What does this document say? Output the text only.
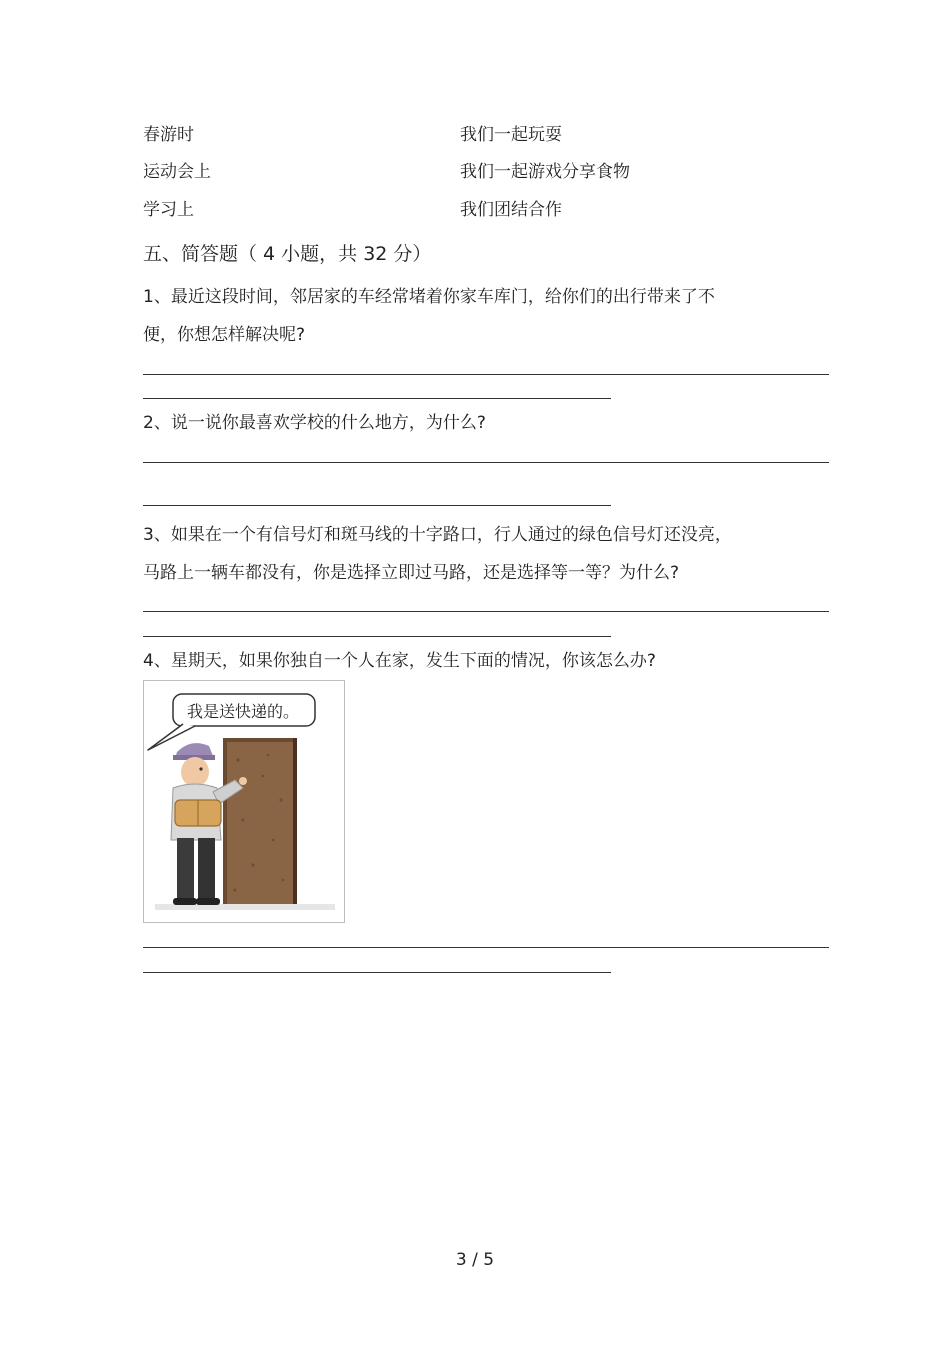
春游时	我们一起玩耍
运动会上	我们一起游戏分享食物
学习上	我们团结合作
五、简答题（ 4 小题，共 32 分）
1、最近这段时间，邻居家的车经常堵着你家车库门，给你们的出行带来了不
便，你想怎样解决呢?
2、说一说你最喜欢学校的什么地方，为什么?
3、如果在一个有信号灯和斑马线的十字路口，行人通过的绿色信号灯还没亮，
马路上一辆车都没有，你是选择立即过马路，还是选择等一等？为什么?
4、星期天，如果你独自一个人在家，发生下面的情况，你该怎么办?
我是送快递的。
3 / 5
